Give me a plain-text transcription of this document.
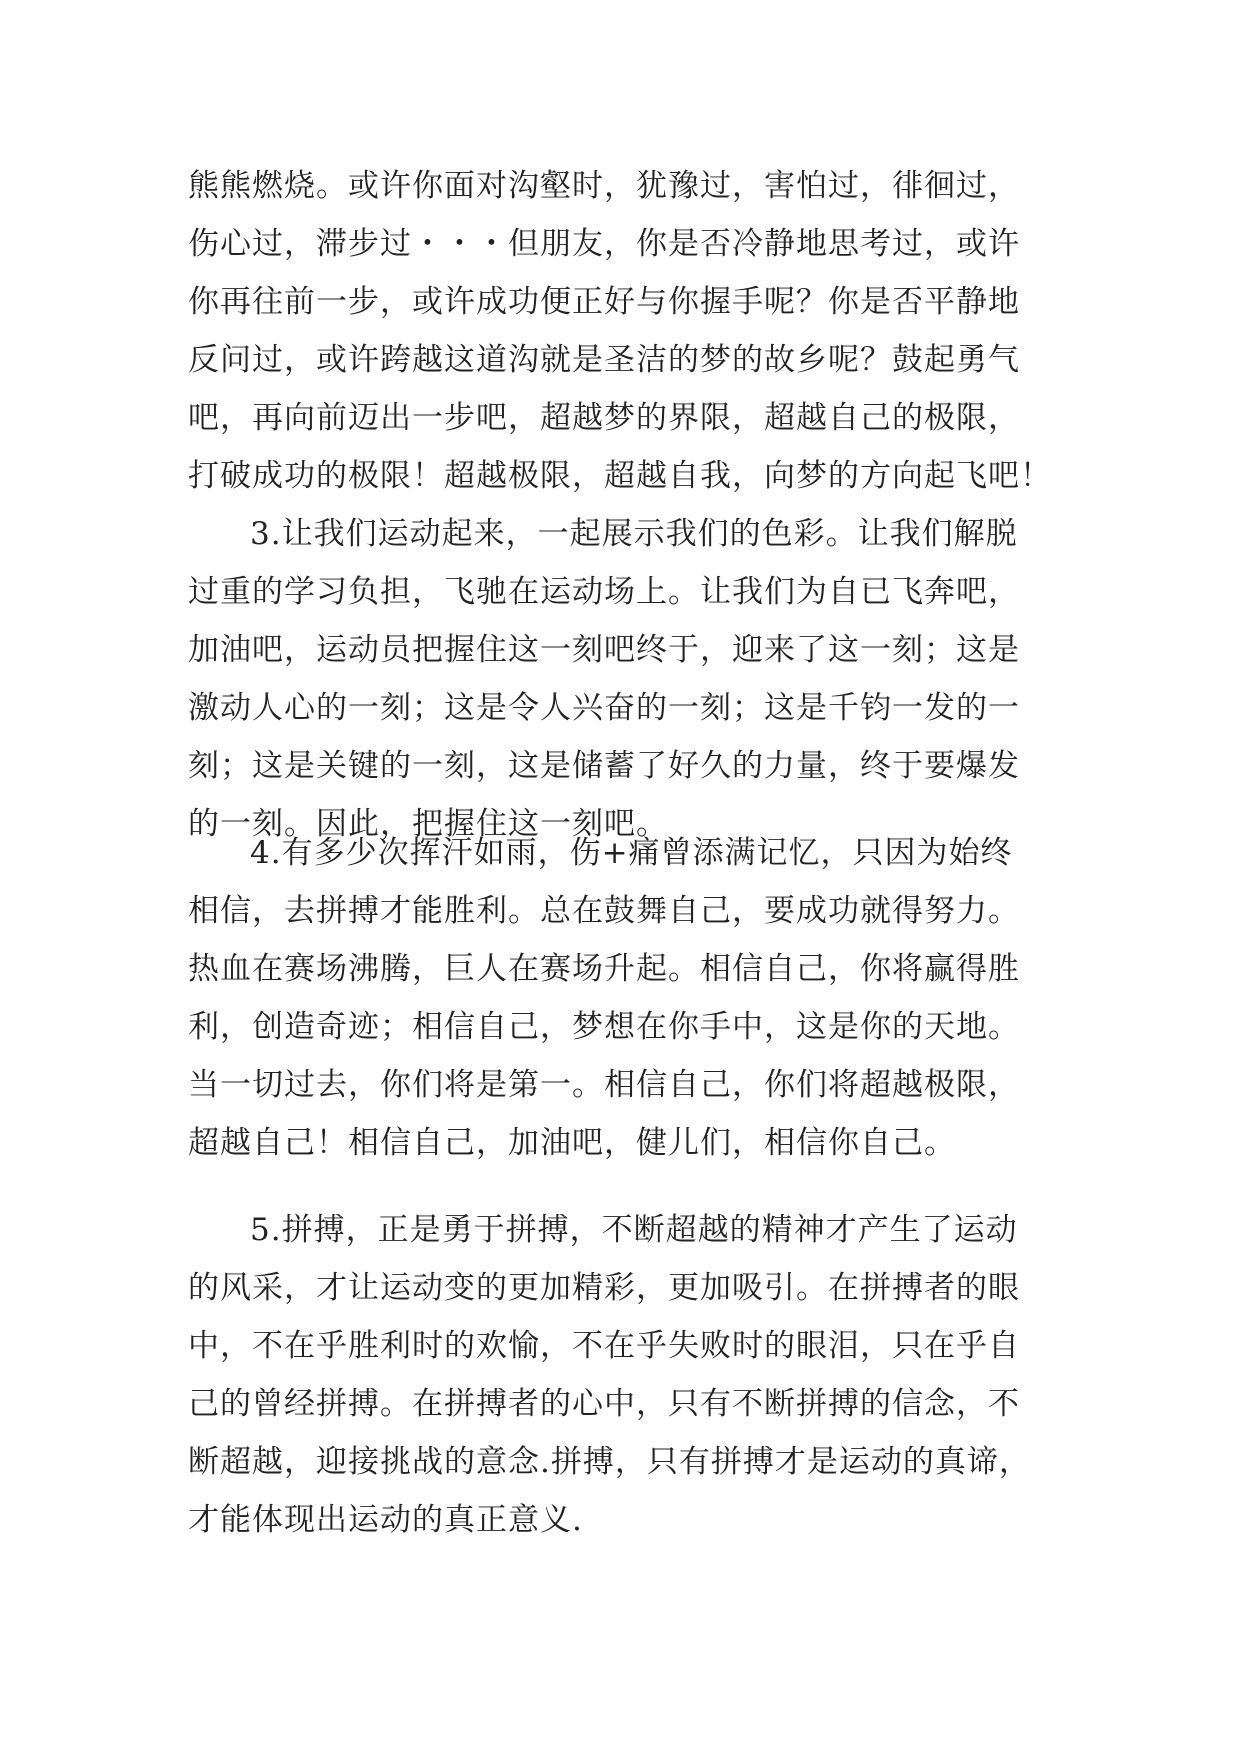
熊熊燃烧。或许你面对沟壑时，犹豫过，害怕过，徘徊过，
伤心过，滞步过・・・但朋友，你是否冷静地思考过，或许
你再往前一步，或许成功便正好与你握手呢？你是否平静地
反问过，或许跨越这道沟就是圣洁的梦的故乡呢？鼓起勇气
吧，再向前迈出一步吧，超越梦的界限，超越自己的极限，
打破成功的极限！超越极限，超越自我，向梦的方向起飞吧！
3.让我们运动起来，一起展示我们的色彩。让我们解脱
过重的学习负担，飞驰在运动场上。让我们为自已飞奔吧，
加油吧，运动员把握住这一刻吧终于，迎来了这一刻；这是
激动人心的一刻；这是令人兴奋的一刻；这是千钧一发的一
刻；这是关键的一刻，这是储蓄了好久的力量，终于要爆发
的一刻。因此，把握住这一刻吧。
4.有多少次挥汗如雨，伤+痛曾添满记忆，只因为始终
相信，去拼搏才能胜利。总在鼓舞自己，要成功就得努力。
热血在赛场沸腾，巨人在赛场升起。相信自己，你将赢得胜
利，创造奇迹；相信自己，梦想在你手中，这是你的天地。
当一切过去，你们将是第一。相信自己，你们将超越极限，
超越自己！相信自己，加油吧，健儿们，相信你自己。
5.拼搏，正是勇于拼搏，不断超越的精神才产生了运动
的风采，才让运动变的更加精彩，更加吸引。在拼搏者的眼
中，不在乎胜利时的欢愉，不在乎失败时的眼泪，只在乎自
己的曾经拼搏。在拼搏者的心中，只有不断拼搏的信念，不
断超越，迎接挑战的意念.拼搏，只有拼搏才是运动的真谛，
才能体现出运动的真正意义.
